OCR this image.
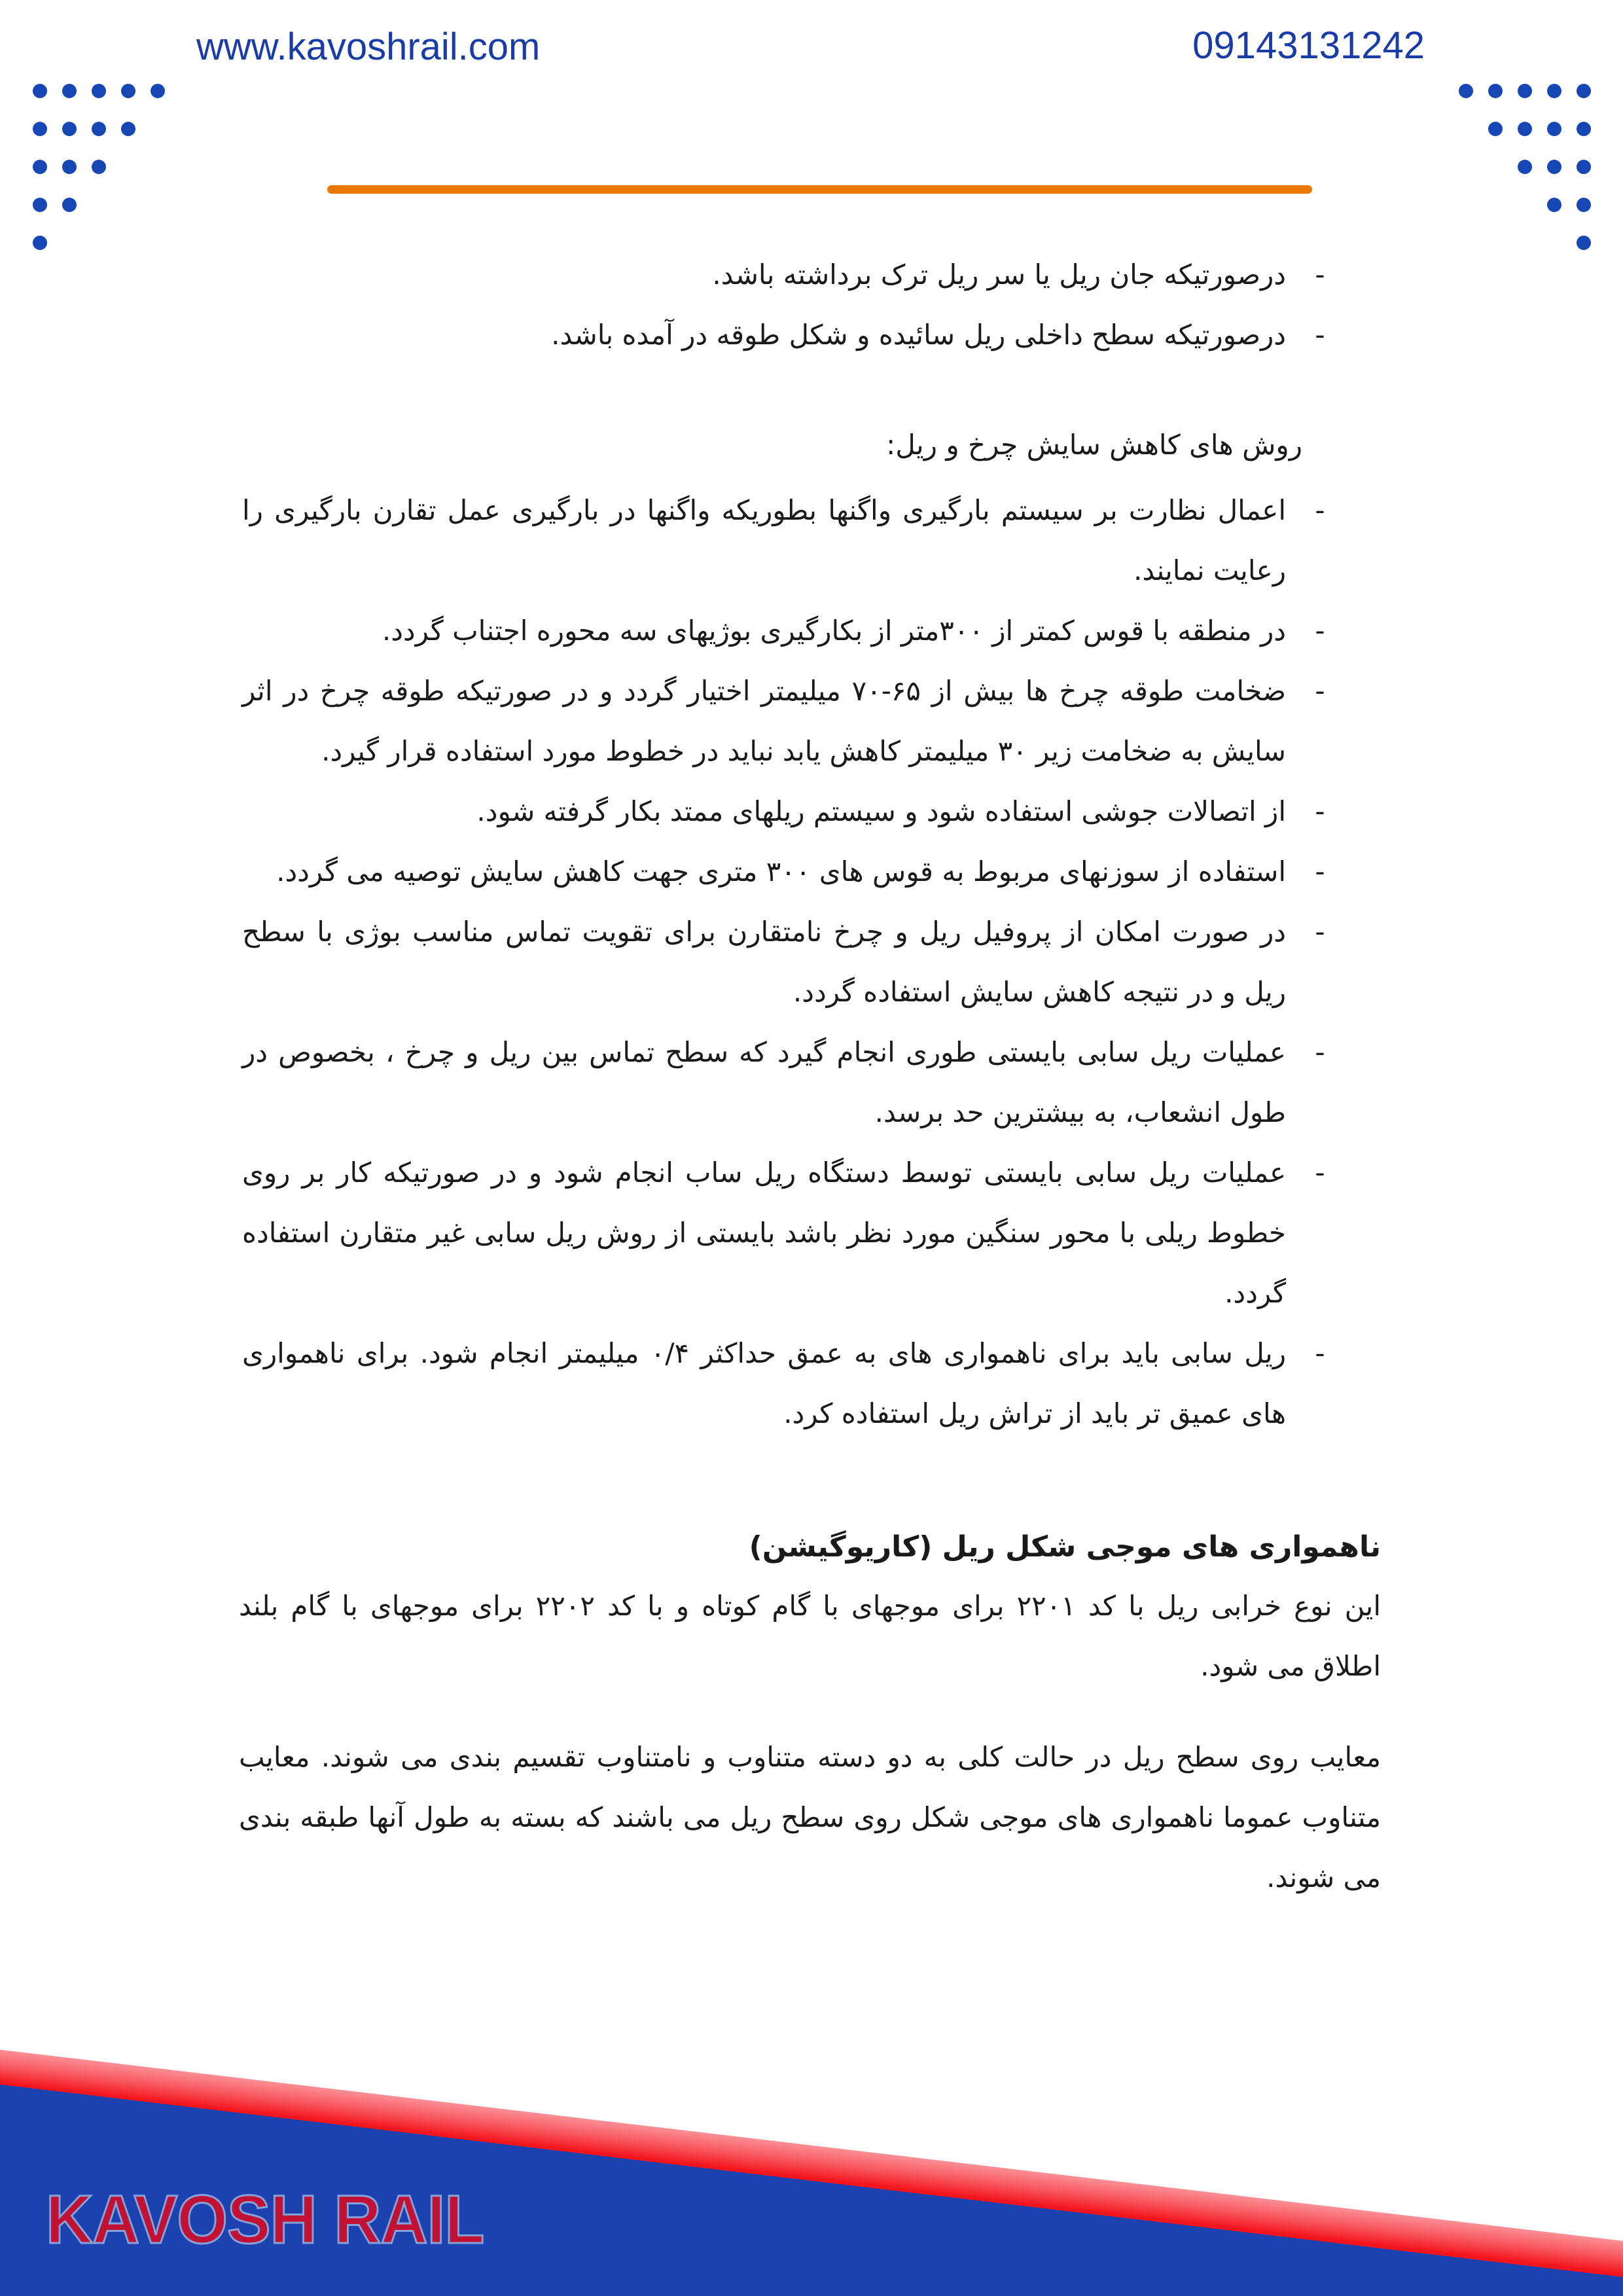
www.kavoshrail.com	09143131242
-
درصورتیکه جان ریل یا سر ریل ترک برداشته باشد.
-
درصورتیکه سطح داخلی ریل سائیده و شکل طوقه در آمده باشد.
روش های کاهش سایش چرخ و ریل:
-
اعمال نظارت بر سیستم بارگیری واگنها بطوریکه واگنها در بارگیری عمل تقارن بارگیری را رعایت نمایند.
-
در منطقه با قوس کمتر از ۳۰۰متر از بکارگیری بوژیهای سه محوره اجتناب گردد.
-
ضخامت طوقه چرخ ها بیش از ۶۵-۷۰ میلیمتر اختیار گردد و در صورتیکه طوقه چرخ در اثر سایش به ضخامت زیر ۳۰ میلیمتر کاهش یابد نباید در خطوط مورد استفاده قرار گیرد.
-
از اتصالات جوشی استفاده شود و سیستم ریلهای ممتد بکار گرفته شود.
-
استفاده از سوزنهای مربوط به قوس های ۳۰۰ متری جهت کاهش سایش توصیه می گردد.
-
در صورت امکان از پروفیل ریل و چرخ نامتقارن برای تقویت تماس مناسب بوژی با سطح ریل و در نتیجه کاهش سایش استفاده گردد.
-
عملیات ریل سابی بایستی طوری انجام گیرد که سطح تماس بین ریل و چرخ ، بخصوص در طول انشعاب، به بیشترین حد برسد.
-
عملیات ریل سابی بایستی توسط دستگاه ریل ساب انجام شود و در صورتیکه کار بر روی خطوط ریلی با محور سنگین مورد نظر باشد بایستی از روش ریل سابی غیر متقارن استفاده گردد.
-
ریل سابی باید برای ناهمواری های به عمق حداکثر ۰/۴ میلیمتر انجام شود. برای ناهمواری های عمیق تر باید از تراش ریل استفاده کرد.
ناهمواری های موجی شکل ریل (کاریوگیشن)
این نوع خرابی ریل با کد ۲۲۰۱ برای موجهای با گام کوتاه و با کد ۲۲۰۲ برای موجهای با گام بلند اطلاق می شود.
معایب روی سطح ریل در حالت کلی به دو دسته متناوب و نامتناوب تقسیم بندی می شوند. معایب متناوب عموما ناهمواری های موجی شکل روی سطح ریل می باشند که بسته به طول آنها طبقه بندی می شوند.
KAVOSH RAIL
